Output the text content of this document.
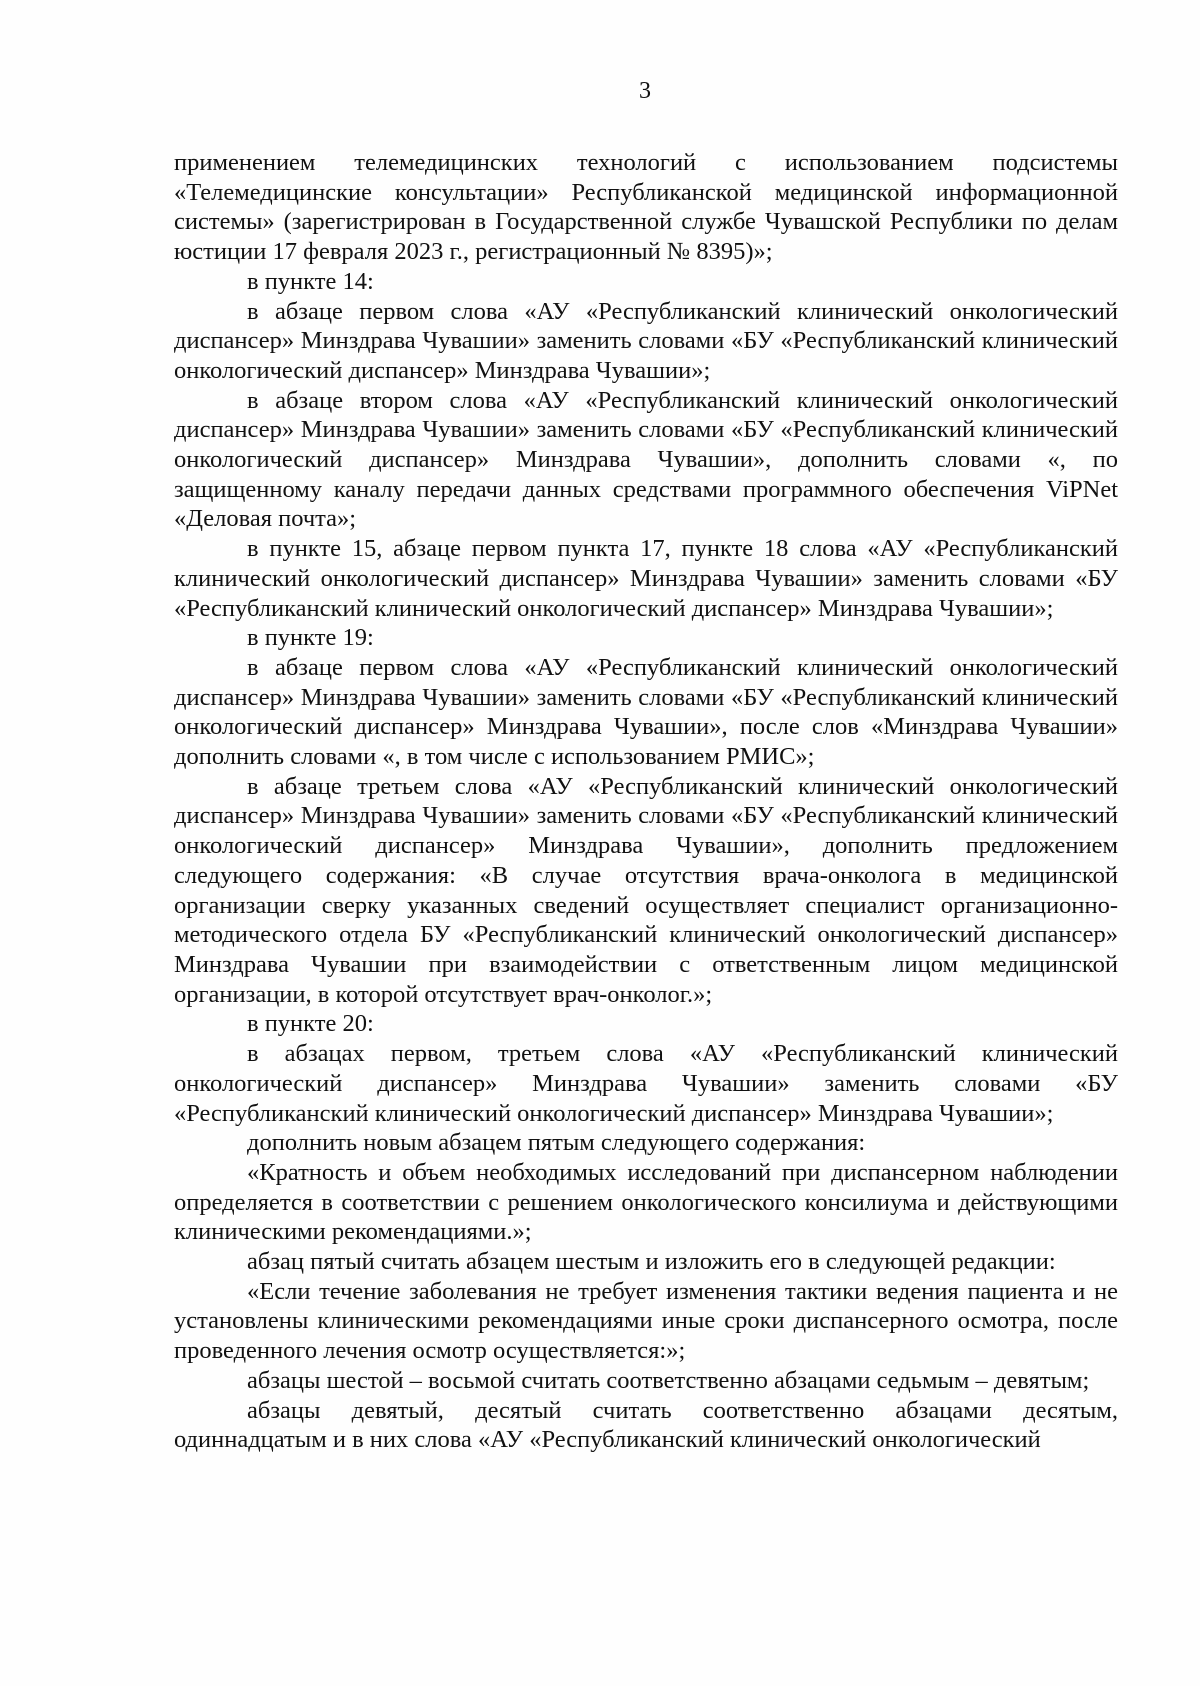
3

применением телемедицинских технологий с использованием подсистемы «Телемедицинские консультации» Республиканской медицинской информационной системы» (зарегистрирован в Государственной службе Чувашской Республики по делам юстиции 17 февраля 2023 г., регистрационный № 8395)»;

в пункте 14:

в абзаце первом слова «АУ «Республиканский клинический онкологический диспансер» Минздрава Чувашии» заменить словами «БУ «Республиканский клинический онкологический диспансер» Минздрава Чувашии»;

в абзаце втором слова «АУ «Республиканский клинический онкологический диспансер» Минздрава Чувашии» заменить словами «БУ «Республиканский клинический онкологический диспансер» Минздрава Чувашии», дополнить словами «, по защищенному каналу передачи данных средствами программного обеспечения ViPNet «Деловая почта»;

в пункте 15, абзаце первом пункта 17, пункте 18 слова «АУ «Республиканский клинический онкологический диспансер» Минздрава Чувашии» заменить словами «БУ «Республиканский клинический онкологический диспансер» Минздрава Чувашии»;

в пункте 19:

в абзаце первом слова «АУ «Республиканский клинический онкологический диспансер» Минздрава Чувашии» заменить словами «БУ «Республиканский клинический онкологический диспансер» Минздрава Чувашии», после слов «Минздрава Чувашии» дополнить словами «, в том числе с использованием РМИС»;

в абзаце третьем слова «АУ «Республиканский клинический онкологический диспансер» Минздрава Чувашии» заменить словами «БУ «Республиканский клинический онкологический диспансер» Минздрава Чувашии», дополнить предложением следующего содержания: «В случае отсутствия врача-онколога в медицинской организации сверку указанных сведений осуществляет специалист организационно-методического отдела БУ «Республиканский клинический онкологический диспансер» Минздрава Чувашии при взаимодействии с ответственным лицом медицинской организации, в которой отсутствует врач-онколог.»;

в пункте 20:

в абзацах первом, третьем слова «АУ «Республиканский клинический онкологический диспансер» Минздрава Чувашии» заменить словами «БУ «Республиканский клинический онкологический диспансер» Минздрава Чувашии»;

дополнить новым абзацем пятым следующего содержания:

«Кратность и объем необходимых исследований при диспансерном наблюдении определяется в соответствии с решением онкологического консилиума и действующими клиническими рекомендациями.»;

абзац пятый считать абзацем шестым и изложить его в следующей редакции:

«Если течение заболевания не требует изменения тактики ведения пациента и не установлены клиническими рекомендациями иные сроки диспансерного осмотра, после проведенного лечения осмотр осуществляется:»;

абзацы шестой – восьмой считать соответственно абзацами седьмым – девятым;

абзацы девятый, десятый считать соответственно абзацами десятым, одиннадцатым и в них слова «АУ «Республиканский клинический онкологический
